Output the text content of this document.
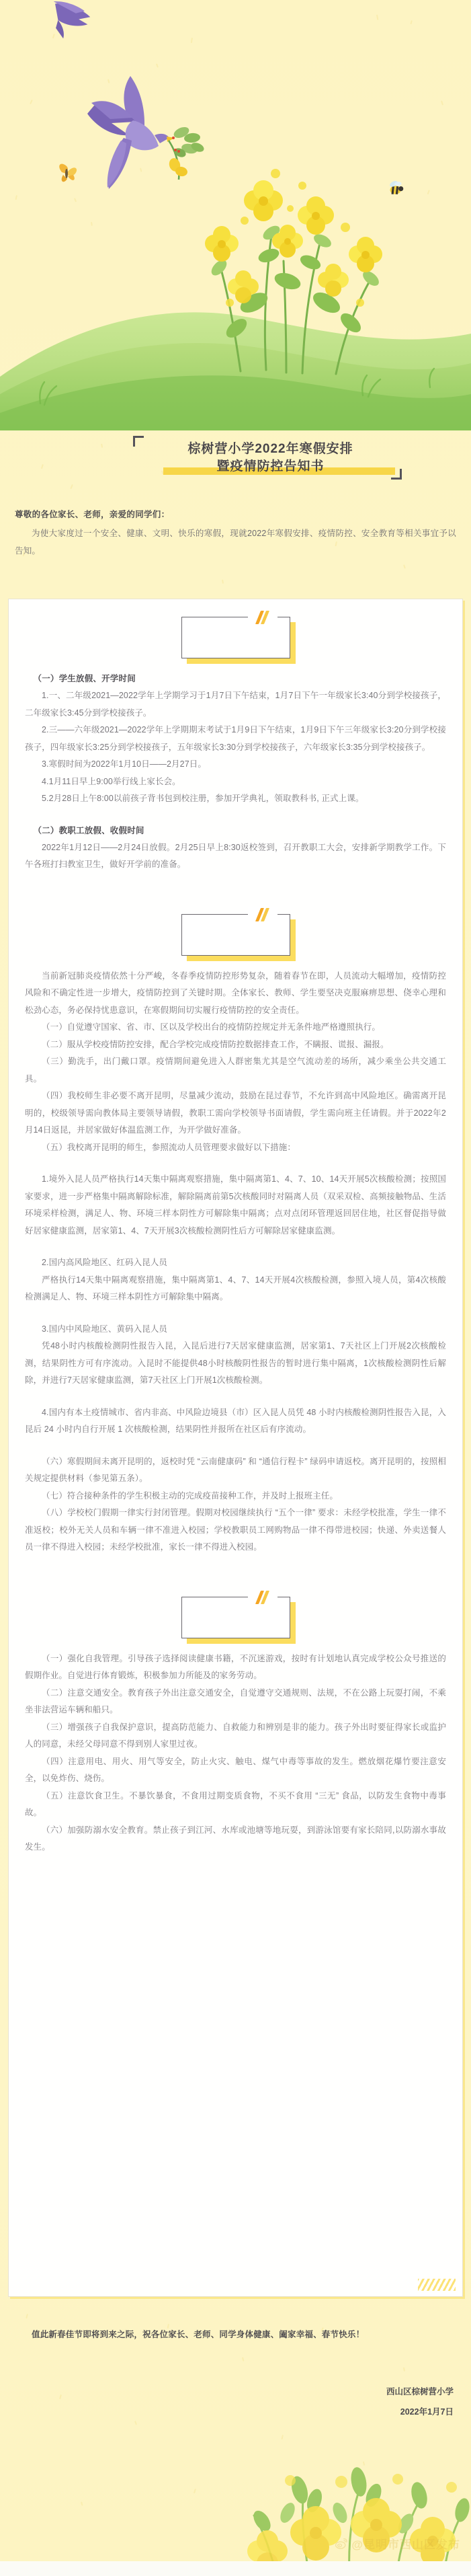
棕树营小学2022年寒假安排
暨疫情防控告知书
尊敬的各位家长、老师，亲爱的同学们：
为使大家度过一个安全、健康、文明、快乐的寒假，现就2022年寒假安排、疫情防控、安全教育等相关事宜予以告知。
（一）学生放假、开学时间
1.一、二年级2021—2022学年上学期学习于1月7日下午结束，1月7日下午一年级家长3:40分到学校接孩子，二年级家长3:45分到学校接孩子。
2.三——六年级2021—2022学年上学期期末考试于1月9日下午结束，1月9日下午三年级家长3:20分到学校接孩子，四年级家长3:25分到学校接孩子，五年级家长3:30分到学校接孩子，六年级家长3:35分到学校接孩子。
3.寒假时间为2022年1月10日——2月27日。
4.1月11日早上9:00举行线上家长会。
5.2月28日上午8:00以前孩子背书包到校注册，参加开学典礼，领取教科书, 正式上课。
（二）教职工放假、收假时间
2022年1月12日——2月24日放假。2月25日早上8:30返校签到，召开教职工大会，安排新学期教学工作。下午各班打扫教室卫生，做好开学前的准备。
当前新冠肺炎疫情依然十分严峻，冬春季疫情防控形势复杂，随着春节在即，人员流动大幅增加，疫情防控风险和不确定性进一步增大，疫情防控到了关键时期。全体家长、教师、学生要坚决克服麻痹思想、侥幸心理和松劲心态，务必保持忧患意识，在寒假期间切实履行疫情防控的安全责任。
（一）自觉遵守国家、省、市、区以及学校出台的疫情防控规定并无条件地严格遵照执行。
（二）服从学校疫情防控安排，配合学校完成疫情防控数据排查工作，不瞒报、谎报、漏报。
（三）勤洗手，出门戴口罩。疫情期间避免进入人群密集尤其是空气流动差的场所，减少乘坐公共交通工具。
（四）我校师生非必要不离开昆明，尽量减少流动，鼓励在昆过春节，不允许到高中风险地区。确需离开昆明的，校级领导需向教体局主要领导请假，教职工需向学校领导书面请假，学生需向班主任请假。并于2022年2月14日返昆，并居家做好体温监测工作，为开学做好准备。
（五）我校离开昆明的师生，参照流动人员管理要求做好以下措施：
1.境外入昆人员严格执行14天集中隔离观察措施，集中隔离第1、4、7、10、14天开展5次核酸检测；按照国家要求，进一步严格集中隔离解除标准，解除隔离前第5次核酸同时对隔离人员（双采双检、高频接触物品、生活环境采样检测，满足人、物、环境三样本阴性方可解除集中隔离；点对点闭环管理返回居住地，社区督促指导做好居家健康监测，居家第1、4、7天开展3次核酸检测阴性后方可解除居家健康监测。
2.国内高风险地区、红码入昆人员
严格执行14天集中隔离观察措施，集中隔离第1、4、7、14天开展4次核酸检测，参照入境人员，第4次核酸检测满足人、物、环境三样本阴性方可解除集中隔离。
3.国内中风险地区、黄码入昆人员
凭48小时内核酸检测阴性报告入昆，入昆后进行7天居家健康监测，居家第1、7天社区上门开展2次核酸检测，结果阴性方可有序流动。入昆时不能提供48小时核酸阴性报告的暂时进行集中隔离，1次核酸检测阴性后解除，并进行7天居家健康监测，第7天社区上门开展1次核酸检测。
4.国内有本土疫情城市、省内非高、中风险边境县（市）区入昆人员凭 48 小时内核酸检测阴性报告入昆，入昆后 24 小时内自行开展 1 次核酸检测，结果阴性并报所在社区后有序流动。
（六）寒假期间未离开昆明的，返校时凭 “云南健康码” 和 “通信行程卡” 绿码申请返校。离开昆明的，按照相关规定提供材料（参见第五条）。
（七）符合接种条件的学生积极主动的完成疫苗接种工作，并及时上报班主任。
（八）学校校门假期一律实行封闭管理。假期对校园继续执行 “五个一律” 要求：未经学校批准，学生一律不准返校；校外无关人员和车辆一律不准进入校园；学校教职员工网购物品一律不得带进校园；快递、外卖送餐人员一律不得进入校园；未经学校批准，家长一律不得进入校园。
（一）强化自我管理。引导孩子选择阅读健康书籍，不沉迷游戏，按时有计划地认真完成学校公众号推送的假期作业。自觉进行体育锻炼，积极参加力所能及的家务劳动。
（二）注意交通安全。教育孩子外出注意交通安全，自觉遵守交通规则、法规，不在公路上玩耍打闹，不乘坐非法营运车辆和船只。
（三）增强孩子自我保护意识，提高防范能力、自救能力和辨别是非的能力。孩子外出时要征得家长或监护人的同意，未经父母同意不得到别人家里过夜。
（四）注意用电、用火、用气等安全，防止火灾、触电、煤气中毒等事故的发生。燃放烟花爆竹要注意安全，以免炸伤、烧伤。
（五）注意饮食卫生。不暴饮暴食，不食用过期变质食物，不买不食用 “三无” 食品，以防发生食物中毒事故。
（六）加强防溺水安全教育。禁止孩子到江河、水库或池塘等地玩耍，到游泳馆要有家长陪同,以防溺水事故发生。
值此新春佳节即将到来之际，祝各位家长、老师、同学身体健康、阖家幸福、春节快乐！
西山区棕树营小学
2022年1月7日
@昆明市西山区发布
